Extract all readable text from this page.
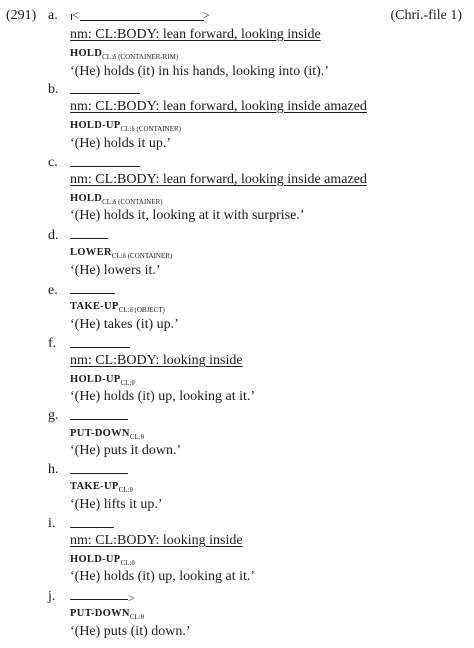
(291)	(Chri.-file 1)
a. <	>
nm: CL:BODY: lean forward, looking inside
$HOLD_{CL:\delta (CONTAINER-RIM)}$
‘(He) holds (it) in his hands, looking into (it).’
b.
nm: CL:BODY: lean forward, looking inside amazed
HOLD-$UP_{CL:\delta (CONTAINER)}$
‘(He) holds it up.’
c.
nm: CL:BODY: lean forward, looking inside amazed
$HOLD_{CL:\delta (CONTAINER)}$
‘(He) holds it, looking at it with surprise.’
d.
$LOWER_{CL:\delta (CONTAINER)}$
‘(He) lowers it.’
e.
TAKE-$UP_{CL:\delta (OBJECT)}$
‘(He) takes (it) up.’
f.
nm: CL:BODY: looking inside
HOLD-$UP_{CL:\theta}$
‘(He) holds (it) up, looking at it.’
g.
PUT-$DOWN_{CL:\theta}$
‘(He) puts it down.’
h.
TAKE-$UP_{CL:\theta}$
‘(He) lifts it up.’
i.
nm: CL:BODY: looking inside
HOLD-$UP_{CL:\theta}$
‘(He) holds (it) up, looking at it.’
j.	>
PUT-$DOWN_{CL:\theta}$
‘(He) puts (it) down.’
